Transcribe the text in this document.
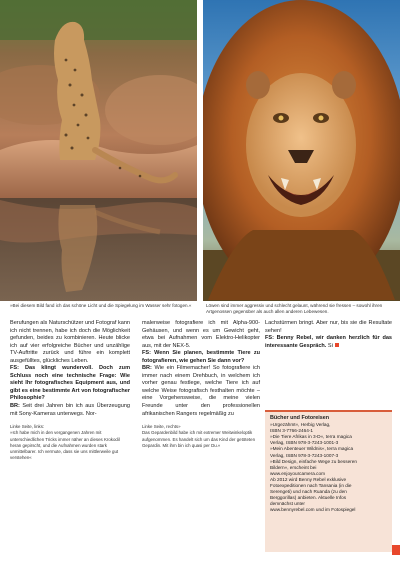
»Bei diesem Bild fand ich das schöne Licht und die Spiegelung im Wasser sehr fotogen.«	Löwen sind immer aggressiv und schlecht gelaunt, während sie fressen – sowohl ihren Artgenossen gegenüber als auch allen anderen Lebewesen.

Berufungen als Naturschützer und Fotograf kann ich nicht trennen, habe ich doch die Möglichkeit gefunden, beides zu kombinieren. Heute blicke ich auf vier erfolgreiche Bücher und unzählige TV-Auftritte zurück und führe ein komplett ausgefülltes, glückliches Leben.

FS: Das klingt wundervoll. Doch zum Schluss noch eine technische Frage: Wie sieht Ihr fotografisches Equipment aus, und gibt es eine bestimmte Art von fotografischer Philosophie?

BR: Seit drei Jahren bin ich aus Überzeugung mit Sony-Kameras unterwegs. Nor-

Linke Seite, links:
»Ich habe mich in den vergangenen Jahren mit unterschiedlichen Tricks immer näher an dieses Krokodil heran gepirscht, und die Aufnahmen wurden stark unmittelbarer. Ich vermute, dass sie uns mittlerweile gut verstehen«

malerweise fotografiere ich mit Alpha-900-Gehäusen, und wenn es um Gewicht geht, etwa bei Aufnahmen vom Elektro-Helikopter aus, mit der NEX-5.

FS: Wenn Sie planen, bestimmte Tiere zu fotografieren, wie gehen Sie dann vor?

BR: Wie ein Filmemacher! So fotografiere ich immer nach einem Drehbuch, in welchem ich vorher genau festlege, welche Tiere ich auf welche Weise fotografisch festhalten möchte – eine Vorgehensweise, die meine vielen Freunde unter den professionellen afrikanischen Rangers regelmäßig zu

Linke Seite, rechts»
Das Gepardenbild habe ich mit extremer Weitwinkeloptik aufgenommen. Es handelt sich um das Kind der getöteten Gepardin. Mit ihm bin ich quasi per Du.«

Lachstürmen bringt. Aber nur, bis sie die Resultate sehen!

FS: Benny Rebel, wir danken herzlich für das interessante Gespräch. Si

Bücher und Fotoreisen
»Urgezähmt«, Herbig Verlag,
ISBN 3-7766-2464-1
»Die Tiere Afrikas in 3-D«, terra magica
Verlag, ISBN 978-3-7243-1001-3
»Mein Abenteuer Wildnis«, terra magica
Verlag, ISBN 978-3-7243-1007-3
»Bild Design, einfache Wege zu besseren
Bildern«, erscheint bei
www.enjoyourcamera.com
Ab 2012 wird Benny Rebel exklusive
Fotoexpeditionen nach Tansania (in die
Serengeti) und nach Ruanda (zu den
Berggorillas) anbieten. Aktuelle Infos
demnächst unter
www.bennyrebel.com und im Fotospiegel
